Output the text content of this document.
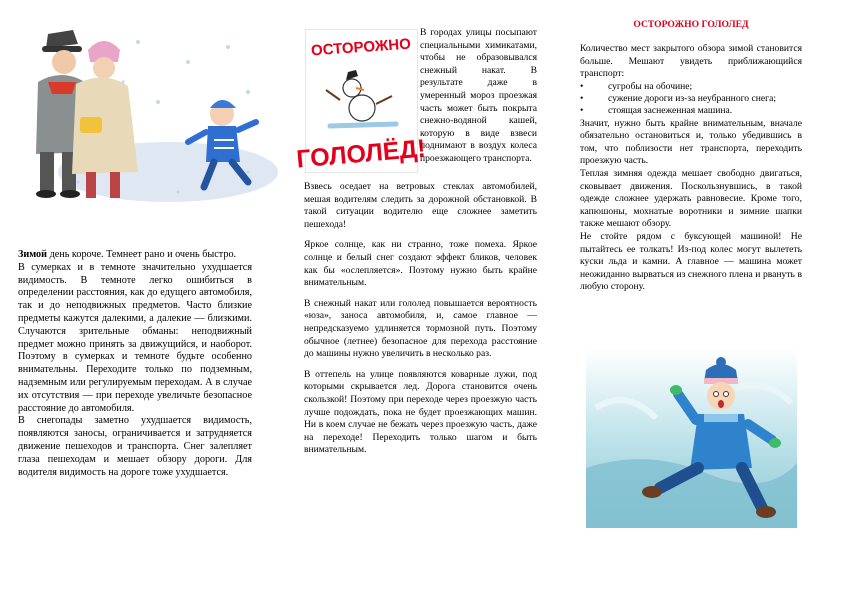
Зимой день короче. Темнеет рано и очень быстро.

В сумерках и в темноте значительно ухудшается видимость. В темноте легко ошибиться в определении расстояния, как до едущего автомобиля, так и до неподвижных предметов. Часто близкие предметы кажутся далекими, а далекие — близкими. Случаются зрительные обманы: неподвижный предмет можно принять за движущийся, и наоборот. Поэтому в сумерках и темноте будьте особенно внимательны. Переходите только по подземным, надземным или регулируемым переходам. А в случае их отсутствия — при переходе увеличьте безопасное расстояние до автомобиля.

В снегопады заметно ухудшается видимость, появляются заносы, ограничивается и затрудняется движение пешеходов и транспорта. Снег залепляет глаза пешеходам и мешает обзору дороги. Для водителя видимость на дороге тоже ухудшается.

ОСТОРОЖНО
ГОЛОЛЁД!

В городах улицы посыпают специальными химикатами, чтобы не образовывался снежный накат. В результате даже в умеренный мороз проезжая часть может быть покрыта снежно-водяной кашей, которую в виде взвеси поднимают в воздух колеса проезжающего транспорта.

Взвесь оседает на ветровых стеклах автомобилей, мешая водителям следить за дорожной обстановкой. В такой ситуации водителю еще сложнее заметить пешехода!

Яркое солнце, как ни странно, тоже помеха. Яркое солнце и белый снег создают эффект бликов, человек как бы «ослепляется». Поэтому нужно быть крайне внимательным.

В снежный накат или гололед повышается вероятность «юза», заноса автомобиля, и, самое главное — непредсказуемо удлиняется тормозной путь. Поэтому обычное (летнее) безопасное для перехода расстояние до машины нужно увеличить в несколько раз.

В оттепель на улице появляются коварные лужи, под которыми скрывается лед. Дорога становится очень скользкой! Поэтому при переходе через проезжую часть лучше подождать, пока не будет проезжающих машин. Ни в коем случае не бежать через проезжую часть, даже на переходе! Переходить только шагом и быть внимательным.

ОСТОРОЖНО ГОЛОЛЕД

Количество мест закрытого обзора зимой становится больше. Мешают увидеть приближающийся транспорт:

•	сугробы на обочине;
•	сужение дороги из-за неубранного снега;
•	стоящая заснеженная машина.

Значит, нужно быть крайне внимательным, вначале обязательно остановиться и, только убедившись в том, что поблизости нет транспорта, переходить проезжую часть.

Теплая зимняя одежда мешает свободно двигаться, сковывает движения. Поскользнувшись, в такой одежде сложнее удержать равновесие. Кроме того, капюшоны, мохнатые воротники и зимние шапки также мешают обзору.

Не стойте рядом с буксующей машиной! Не пытайтесь ее толкать! Из-под колес могут вылететь куски льда и камни. А главное — машина может неожиданно вырваться из снежного плена и рвануть в любую сторону.
